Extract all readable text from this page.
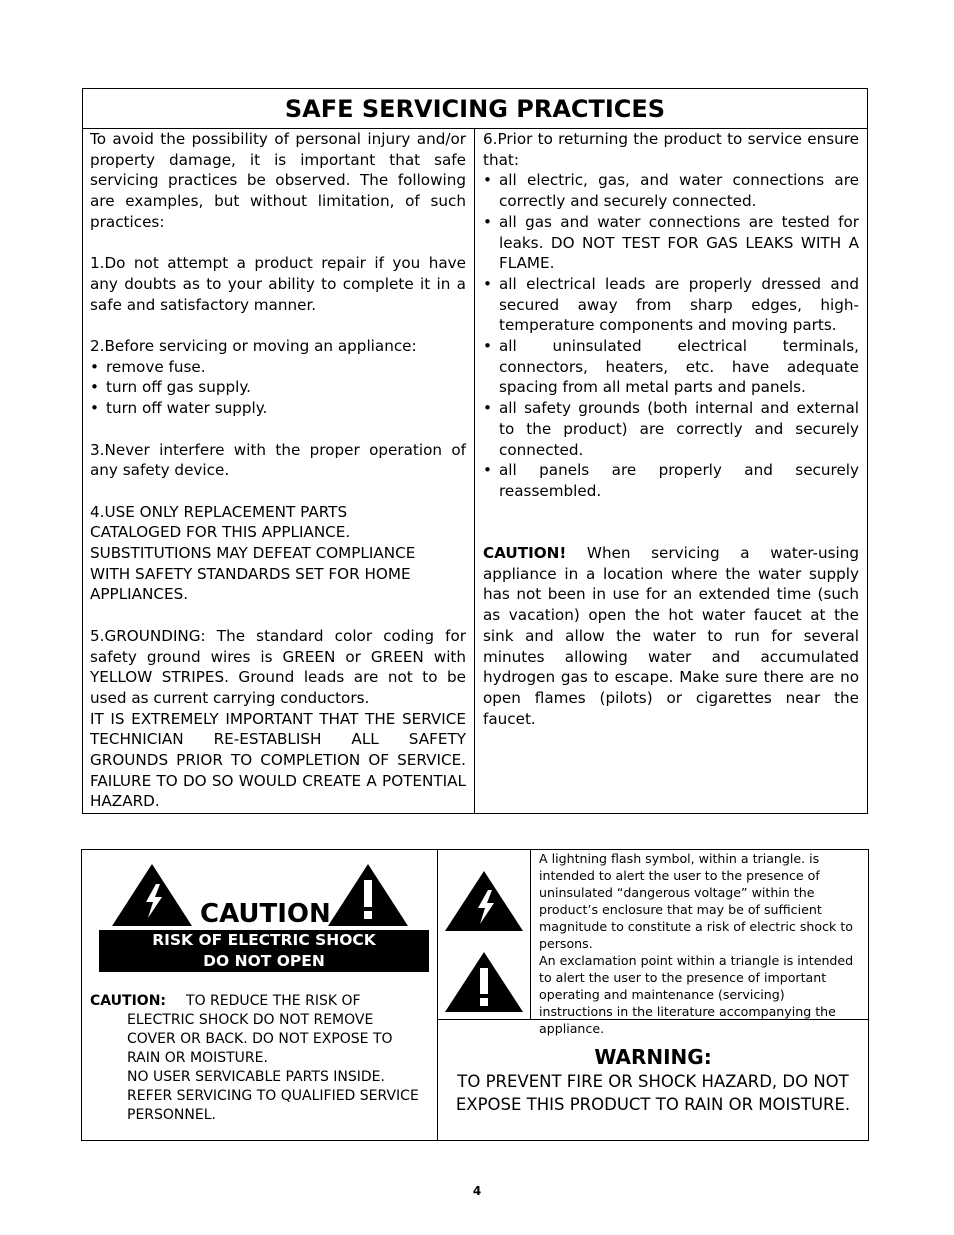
SAFE SERVICING PRACTICES

To avoid the possibility of personal injury and/or property damage, it is important that safe servicing practices be observed. The following are examples, but without limitation, of such practices:

1.Do not attempt a product repair if you have any doubts as to your ability to complete it in a safe and satisfactory manner.

2.Before servicing or moving an appliance:

• remove fuse.
• turn off gas supply.
• turn off water supply.

3.Never interfere with the proper operation of any safety device.

4.USE ONLY REPLACEMENT PARTS
CATALOGED FOR THIS APPLIANCE.
SUBSTITUTIONS MAY DEFEAT COMPLIANCE
WITH SAFETY STANDARDS SET FOR HOME
APPLIANCES.

5.GROUNDING: The standard color coding for safety ground wires is GREEN or GREEN with YELLOW STRIPES. Ground leads are not to be used as current carrying conductors.

IT IS EXTREMELY IMPORTANT THAT THE SERVICE TECHNICIAN RE-ESTABLISH ALL SAFETY GROUNDS PRIOR TO COMPLETION OF SERVICE. FAILURE TO DO SO WOULD CREATE A POTENTIAL HAZARD.

6.Prior to returning the product to service ensure that:

• all electric, gas, and water connections are correctly and securely connected.
• all gas and water connections are tested for leaks. DO NOT TEST FOR GAS LEAKS WITH A FLAME.
• all electrical leads are properly dressed and secured away from sharp edges, high-temperature components and moving parts.
• all uninsulated electrical terminals, connectors, heaters, etc. have adequate spacing from all metal parts and panels.
• all safety grounds (both internal and external to the product) are correctly and securely connected.
• all panels are properly and securely reassembled.

CAUTION! When servicing a water-using appliance in a location where the water supply has not been in use for an extended time (such as vacation) open the hot water faucet at the sink and allow the water to run for several minutes allowing water and accumulated hydrogen gas to escape. Make sure there are no open flames (pilots) or cigarettes near the faucet.

CAUTION
RISK OF ELECTRIC SHOCK
DO NOT OPEN
CAUTION: TO REDUCE THE RISK OF
ELECTRIC SHOCK DO NOT REMOVE
COVER OR BACK. DO NOT EXPOSE TO
RAIN OR MOISTURE.
NO USER SERVICABLE PARTS INSIDE.
REFER SERVICING TO QUALIFIED SERVICE
PERSONNEL.
A lightning flash symbol, within a triangle. is intended to alert the user to the presence of uninsulated “dangerous voltage” within the product’s enclosure that may be of sufficient magnitude to constitute a risk of electric shock to persons.
An exclamation point within a triangle is intended to alert the user to the presence of important operating and maintenance (servicing) instructions in the literature accompanying the appliance.
WARNING:
TO PREVENT FIRE OR SHOCK HAZARD, DO NOT
EXPOSE THIS PRODUCT TO RAIN OR MOISTURE.
4
